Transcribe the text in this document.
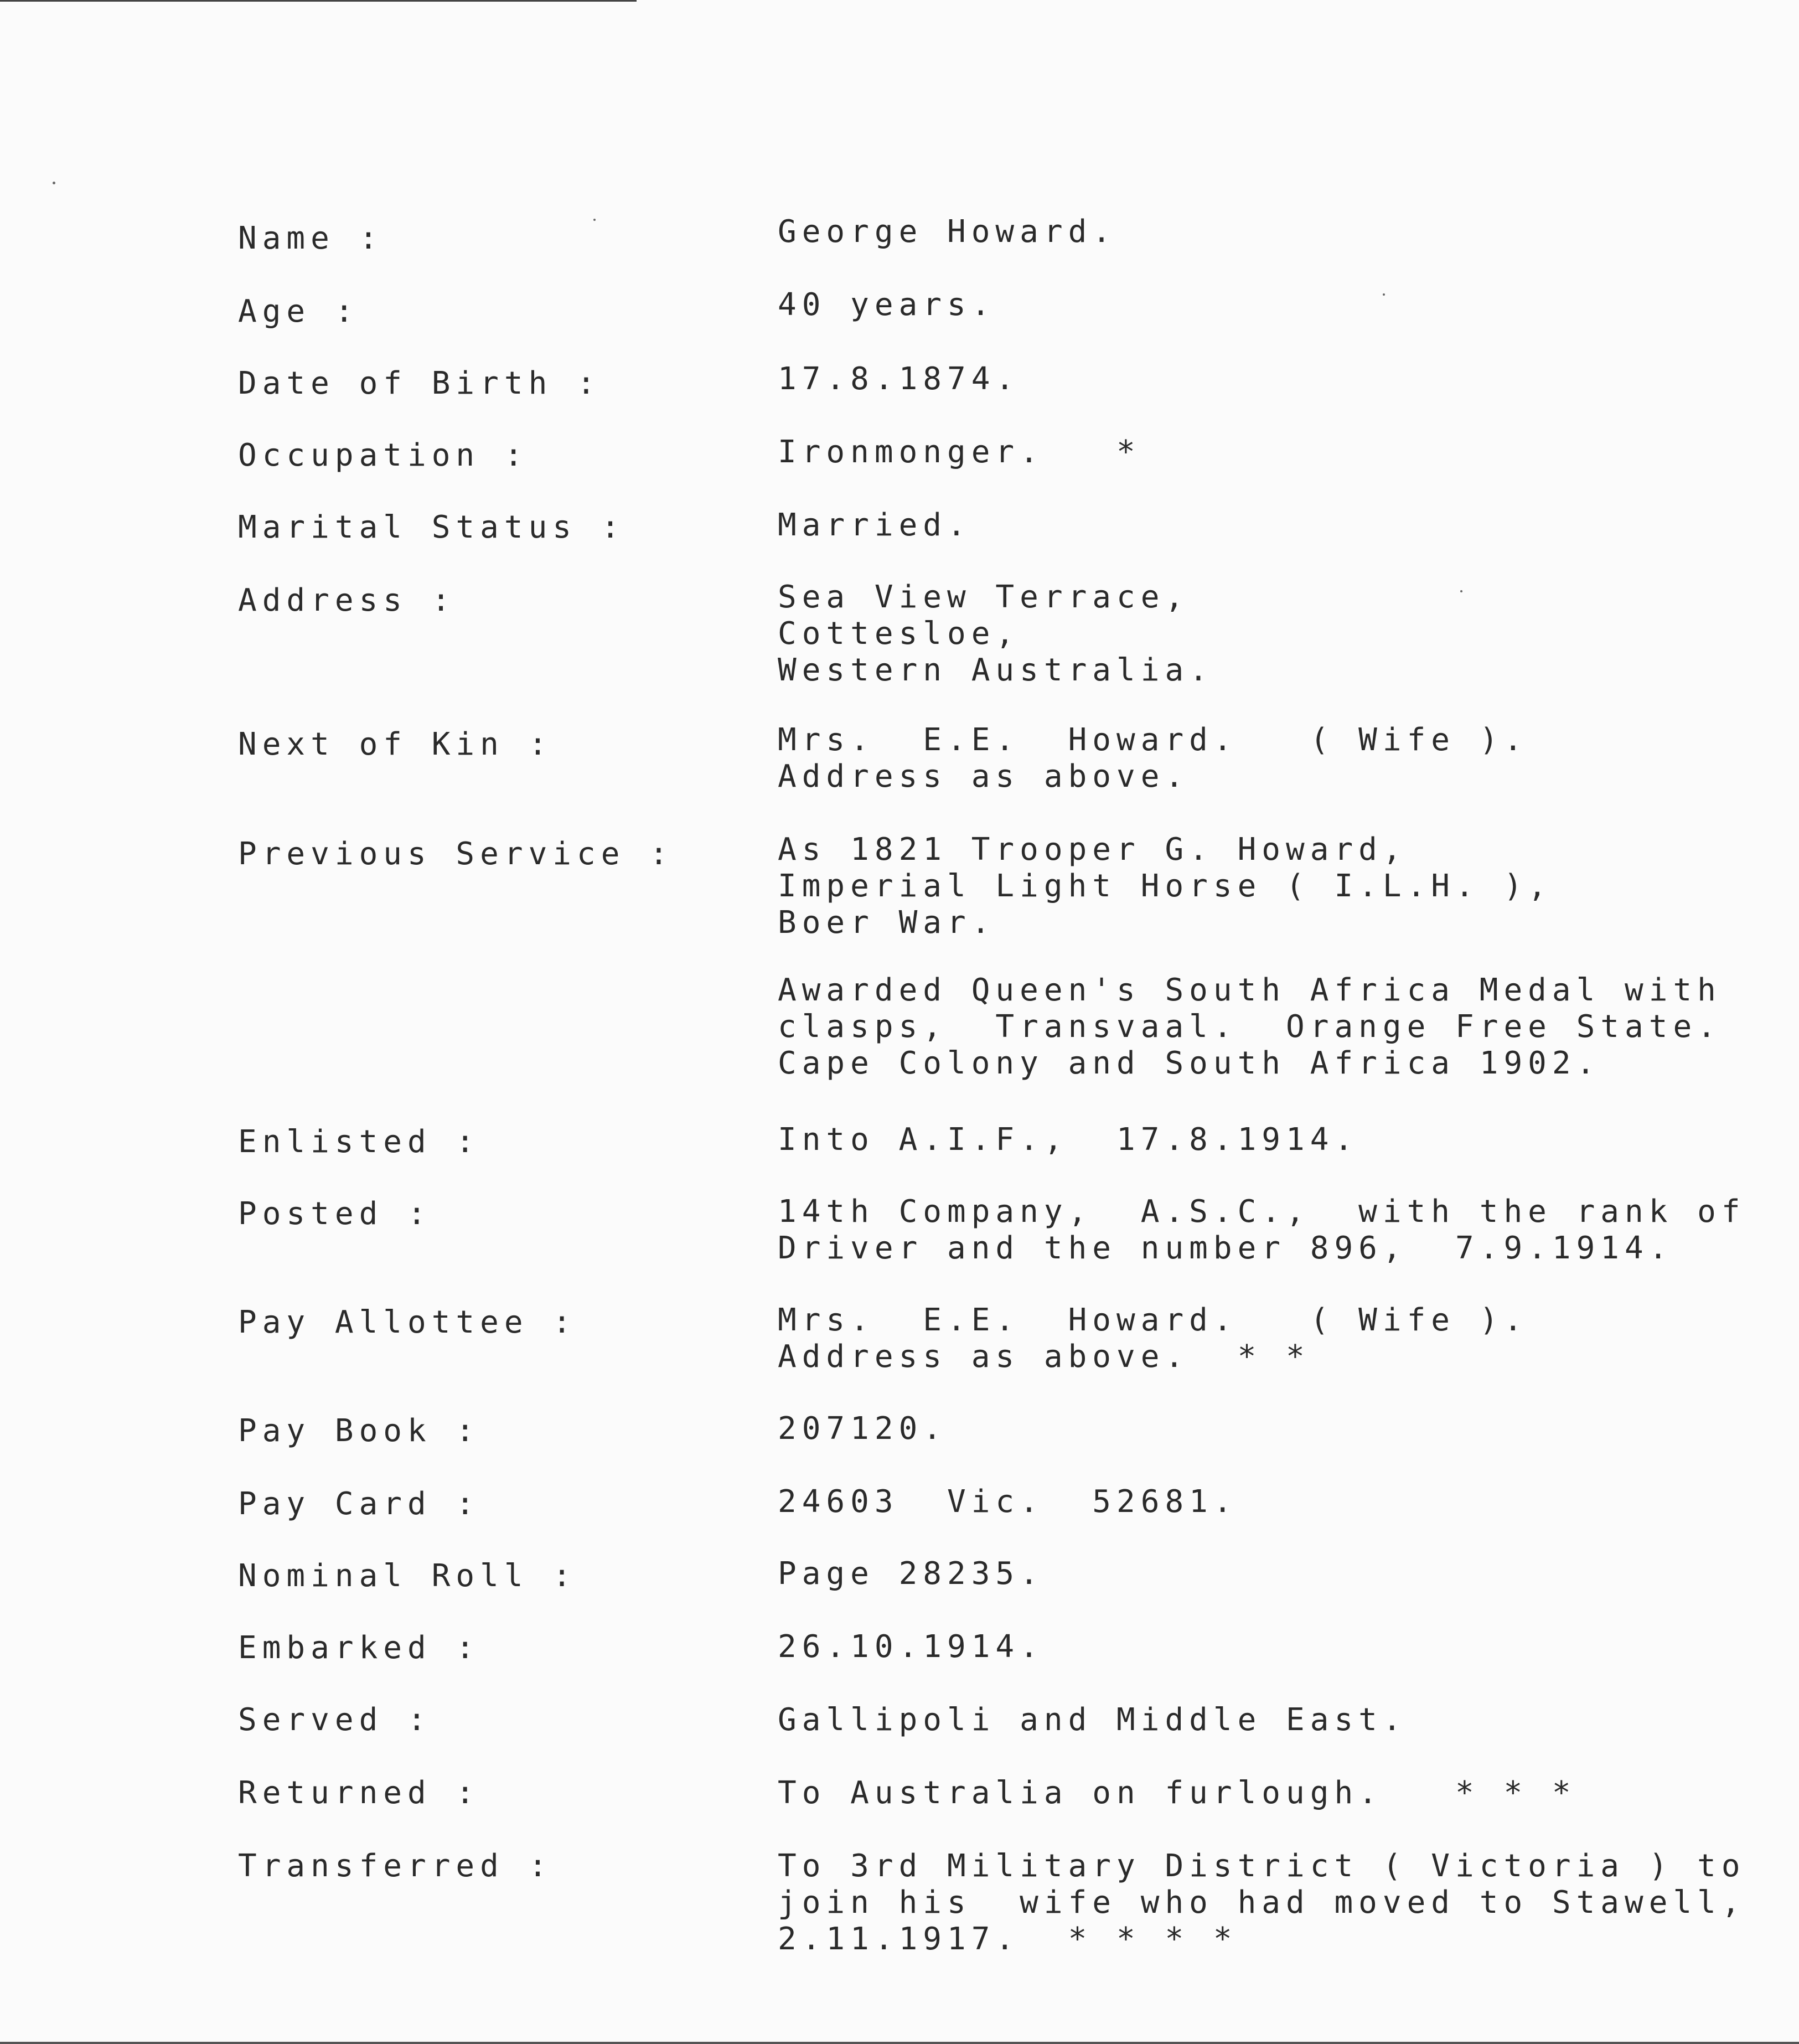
Name :	George Howard.
Age :	40 years.
Date of Birth :	17.8.1874.
Occupation :	Ironmonger.   *
Marital Status :	Married.
Address :	Sea View Terrace,
Cottesloe,
Western Australia.
Next of Kin :	Mrs.  E.E.  Howard.   ( Wife ).
Address as above.
Previous Service :	As 1821 Trooper G. Howard,
Imperial Light Horse ( I.L.H. ),
Boer War.
Awarded Queen's South Africa Medal with
clasps,  Transvaal.  Orange Free State.
Cape Colony and South Africa 1902.
Enlisted :	Into A.I.F.,  17.8.1914.
Posted :	14th Company,  A.S.C.,  with the rank of
Driver and the number 896,  7.9.1914.
Pay Allottee :	Mrs.  E.E.  Howard.   ( Wife ).
Address as above.  * *
Pay Book :	207120.
Pay Card :	24603  Vic.  52681.
Nominal Roll :	Page 28235.
Embarked :	26.10.1914.
Served :	Gallipoli and Middle East.
Returned :	To Australia on furlough.   * * *
Transferred :	To 3rd Military District ( Victoria ) to
join his  wife who had moved to Stawell,
2.11.1917.  * * * *
